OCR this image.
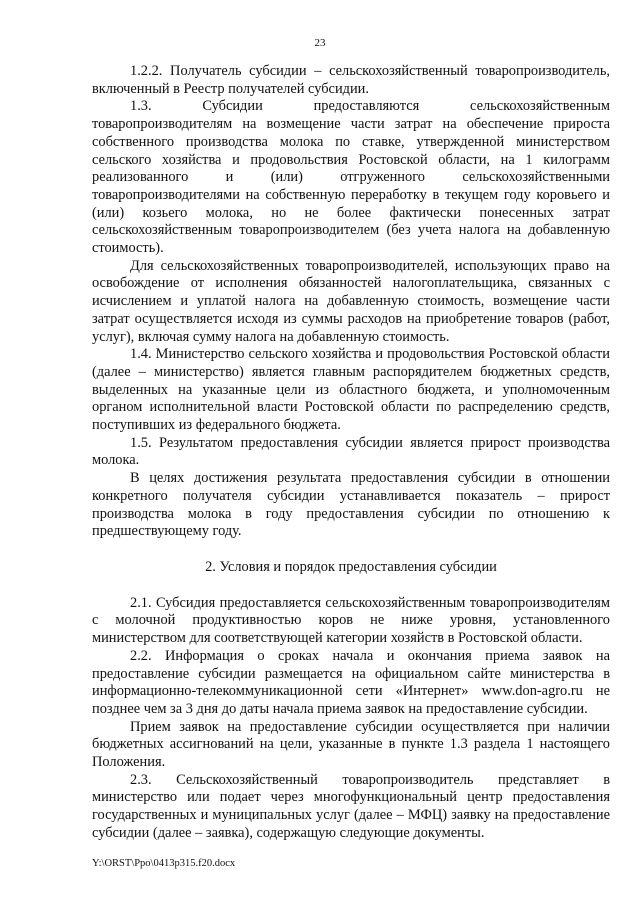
23

1.2.2. Получатель субсидии – сельскохозяйственный товаропроизводитель, включенный в Реестр получателей субсидии.

1.3. Субсидии предоставляются сельскохозяйственным товаропроизводителям на возмещение части затрат на обеспечение прироста собственного производства молока по ставке, утвержденной министерством сельского хозяйства и продовольствия Ростовской области, на 1 килограмм реализованного и (или) отгруженного сельскохозяйственными товаропроизводителями на собственную переработку в текущем году коровьего и (или) козьего молока, но не более фактически понесенных затрат сельскохозяйственным товаропроизводителем (без учета налога на добавленную стоимость).

Для сельскохозяйственных товаропроизводителей, использующих право на освобождение от исполнения обязанностей налогоплательщика, связанных с исчислением и уплатой налога на добавленную стоимость, возмещение части затрат осуществляется исходя из суммы расходов на приобретение товаров (работ, услуг), включая сумму налога на добавленную стоимость.

1.4. Министерство сельского хозяйства и продовольствия Ростовской области (далее – министерство) является главным распорядителем бюджетных средств, выделенных на указанные цели из областного бюджета, и уполномоченным органом исполнительной власти Ростовской области по распределению средств, поступивших из федерального бюджета.

1.5. Результатом предоставления субсидии является прирост производства молока.

В целях достижения результата предоставления субсидии в отношении конкретного получателя субсидии устанавливается показатель – прирост производства молока в году предоставления субсидии по отношению к предшествующему году.

2. Условия и порядок предоставления субсидии

2.1. Субсидия предоставляется сельскохозяйственным товаропроизводителям с молочной продуктивностью коров не ниже уровня, установленного министерством для соответствующей категории хозяйств в Ростовской области.

2.2. Информация о сроках начала и окончания приема заявок на предоставление субсидии размещается на официальном сайте министерства в информационно-телекоммуникационной сети «Интернет» www.don-agro.ru не позднее чем за 3 дня до даты начала приема заявок на предоставление субсидии.

Прием заявок на предоставление субсидии осуществляется при наличии бюджетных ассигнований на цели, указанные в пункте 1.3 раздела 1 настоящего Положения.

2.3. Сельскохозяйственный товаропроизводитель представляет в министерство или подает через многофункциональный центр предоставления государственных и муниципальных услуг (далее – МФЦ) заявку на предоставление субсидии (далее – заявка), содержащую следующие документы.

Y:\ORST\Ppo\0413p315.f20.docx
